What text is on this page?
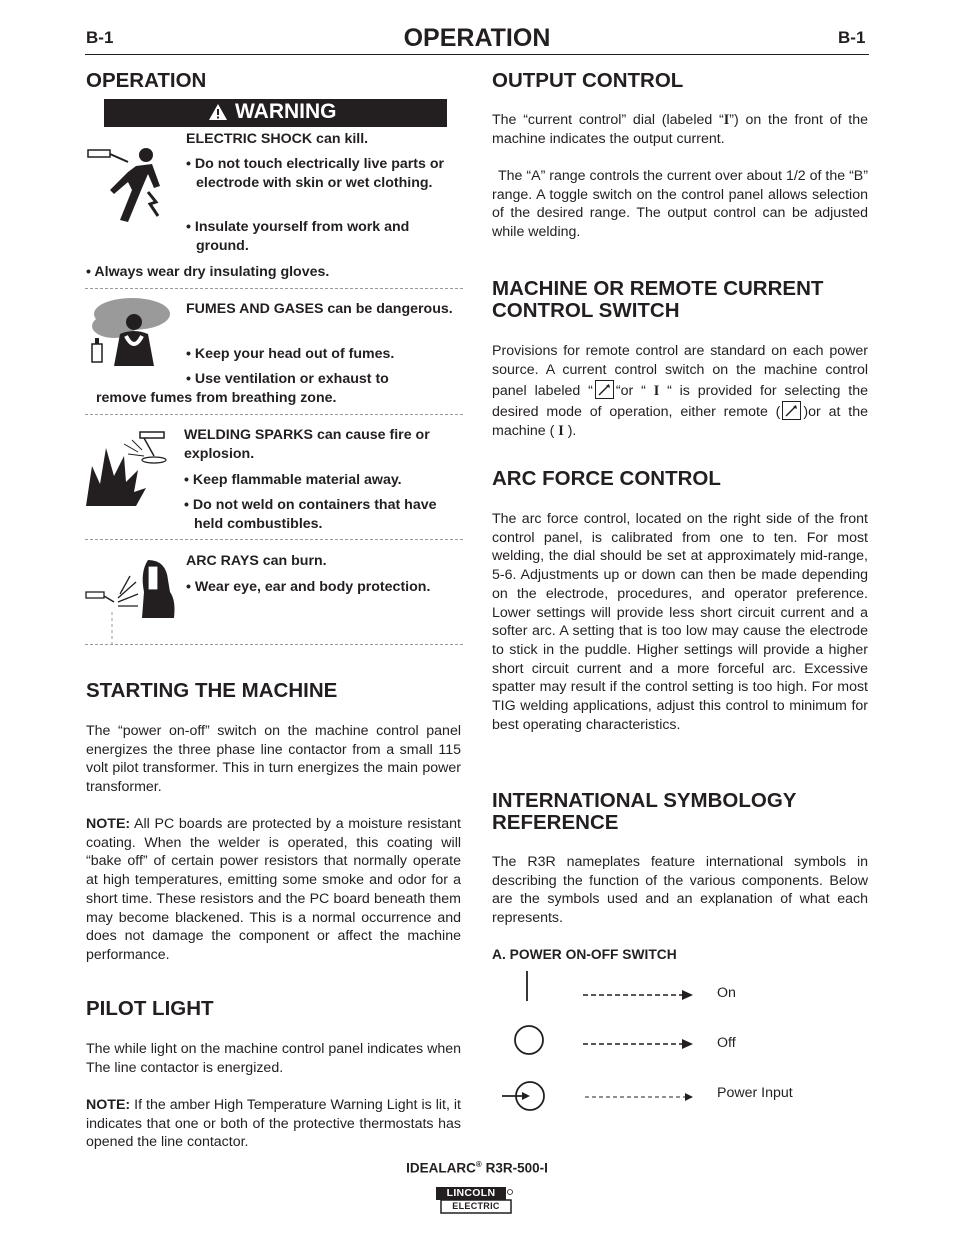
B-1	OPERATION	B-1
OPERATION
WARNING
ELECTRIC SHOCK can kill.
• Do not touch electrically live parts or electrode with skin or wet clothing.
• Insulate yourself from work and ground.
• Always wear dry insulating gloves.
FUMES AND GASES can be dangerous.
• Keep your head out of fumes.
• Use ventilation or exhaust to
remove fumes from breathing zone.
WELDING SPARKS can cause fire or explosion.
• Keep flammable material away.
• Do not weld on containers that have held combustibles.
ARC RAYS can burn.
• Wear eye, ear and body protection.
STARTING THE MACHINE
The “power on-off” switch on the machine control panel energizes the three phase line contactor from a small 115 volt pilot transformer. This in turn energizes the main power transformer.
NOTE: All PC boards are protected by a moisture resistant coating. When the welder is operated, this coating will “bake off” of certain power resistors that normally operate at high temperatures, emitting some smoke and odor for a short time. These resistors and the PC board beneath them may become blackened. This is a normal occurrence and does not damage the component or affect the machine performance.
PILOT LIGHT
The while light on the machine control panel indicates when The line contactor is energized.
NOTE: If the amber High Temperature Warning Light is lit, it indicates that one or both of the protective thermostats has opened the line contactor.
OUTPUT CONTROL
The “current control” dial (labeled “I”) on the front of the machine indicates the output current.
The “A” range controls the current over about 1/2 of the “B” range. A toggle switch on the control panel allows selection of the desired range. The output control can be adjusted while welding.
MACHINE OR REMOTE CURRENT CONTROL SWITCH
Provisions for remote control are standard on each power source. A current control switch on the machine control panel labeled “ “or “ I “ is provided for selecting the desired mode of operation, either remote ( )or at the machine ( I ).
ARC FORCE CONTROL
The arc force control, located on the right side of the front control panel, is calibrated from one to ten. For most welding, the dial should be set at approximately mid-range, 5-6. Adjustments up or down can then be made depending on the electrode, procedures, and operator preference. Lower settings will provide less short circuit current and a softer arc. A setting that is too low may cause the electrode to stick in the puddle. Higher settings will provide a higher short circuit current and a more forceful arc. Excessive spatter may result if the control setting is too high. For most TIG welding applications, adjust this control to minimum for best operating characteristics.
INTERNATIONAL SYMBOLOGY REFERENCE
The R3R nameplates feature international symbols in describing the function of the various components. Below are the symbols used and an explanation of what each represents.
A. POWER ON-OFF SWITCH
On
Off
Power Input
IDEALARC® R3R-500-I
LINCOLN
ELECTRIC
